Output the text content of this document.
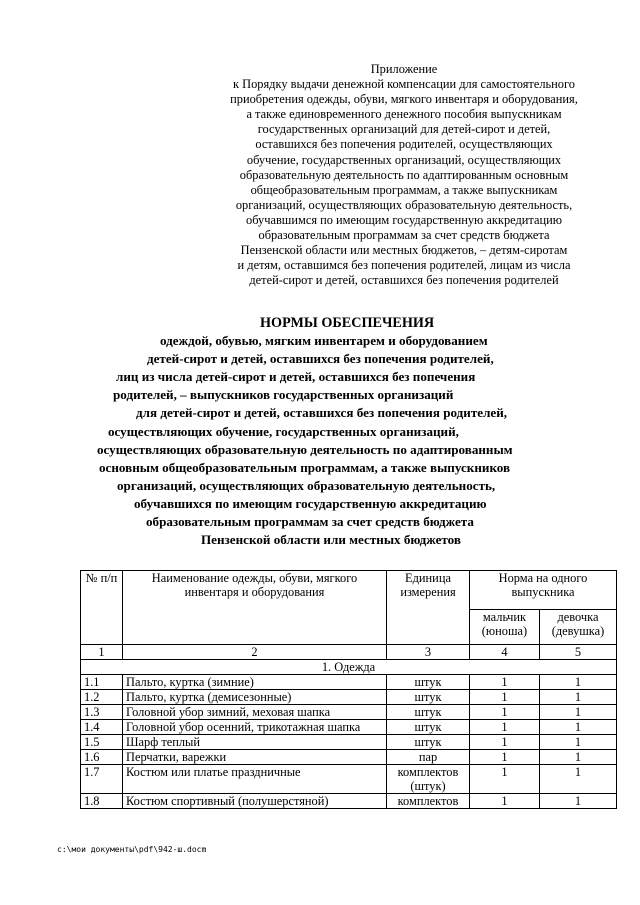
Приложение
к Порядку выдачи денежной компенсации для самостоятельного
приобретения одежды, обуви, мягкого инвентаря и оборудования,
а также единовременного денежного пособия выпускникам
государственных организаций для детей-сирот и детей,
оставшихся без попечения родителей, осуществляющих
обучение, государственных организаций, осуществляющих
образовательную деятельность по адаптированным основным
общеобразовательным программам, а также выпускникам
организаций, осуществляющих образовательную деятельность,
обучавшимся по имеющим государственную аккредитацию
образовательным программам за счет средств бюджета
Пензенской области или местных бюджетов, – детям-сиротам
и детям, оставшимся без попечения родителей, лицам из числа
детей-сирот и детей, оставшихся без попечения родителей
НОРМЫ ОБЕСПЕЧЕНИЯ
одеждой, обувью, мягким инвентарем и оборудованием
детей-сирот и детей, оставшихся без попечения родителей,
лиц из числа детей-сирот и детей, оставшихся без попечения
родителей, – выпускников государственных организаций
для детей-сирот и детей, оставшихся без попечения родителей,
осуществляющих обучение, государственных организаций,
осуществляющих образовательную деятельность по адаптированным
основным общеобразовательным программам, а также выпускников
организаций, осуществляющих образовательную деятельность,
обучавшихся по имеющим государственную аккредитацию
образовательным программам за счет средств бюджета
Пензенской области или местных бюджетов
№ п/п	Наименование одежды, обуви, мягкого инвентаря и оборудования	Единица измерения	Норма на одного выпускника	
			мальчик (юноша)	девочка (девушка)
1	2	3	4	5
1. Одежда				
1.1	Пальто, куртка (зимние)	штук	1	1
1.2	Пальто, куртка (демисезонные)	штук	1	1
1.3	Головной убор зимний, меховая шапка	штук	1	1
1.4	Головной убор осенний, трикотажная шапка	штук	1	1
1.5	Шарф теплый	штук	1	1
1.6	Перчатки, варежки	пар	1	1
1.7	Костюм или платье праздничные	комплектов (штук)	1	1
1.8	Костюм спортивный (полушерстяной)	комплектов	1	1
c:\мои документы\pdf\942-ш.docm
